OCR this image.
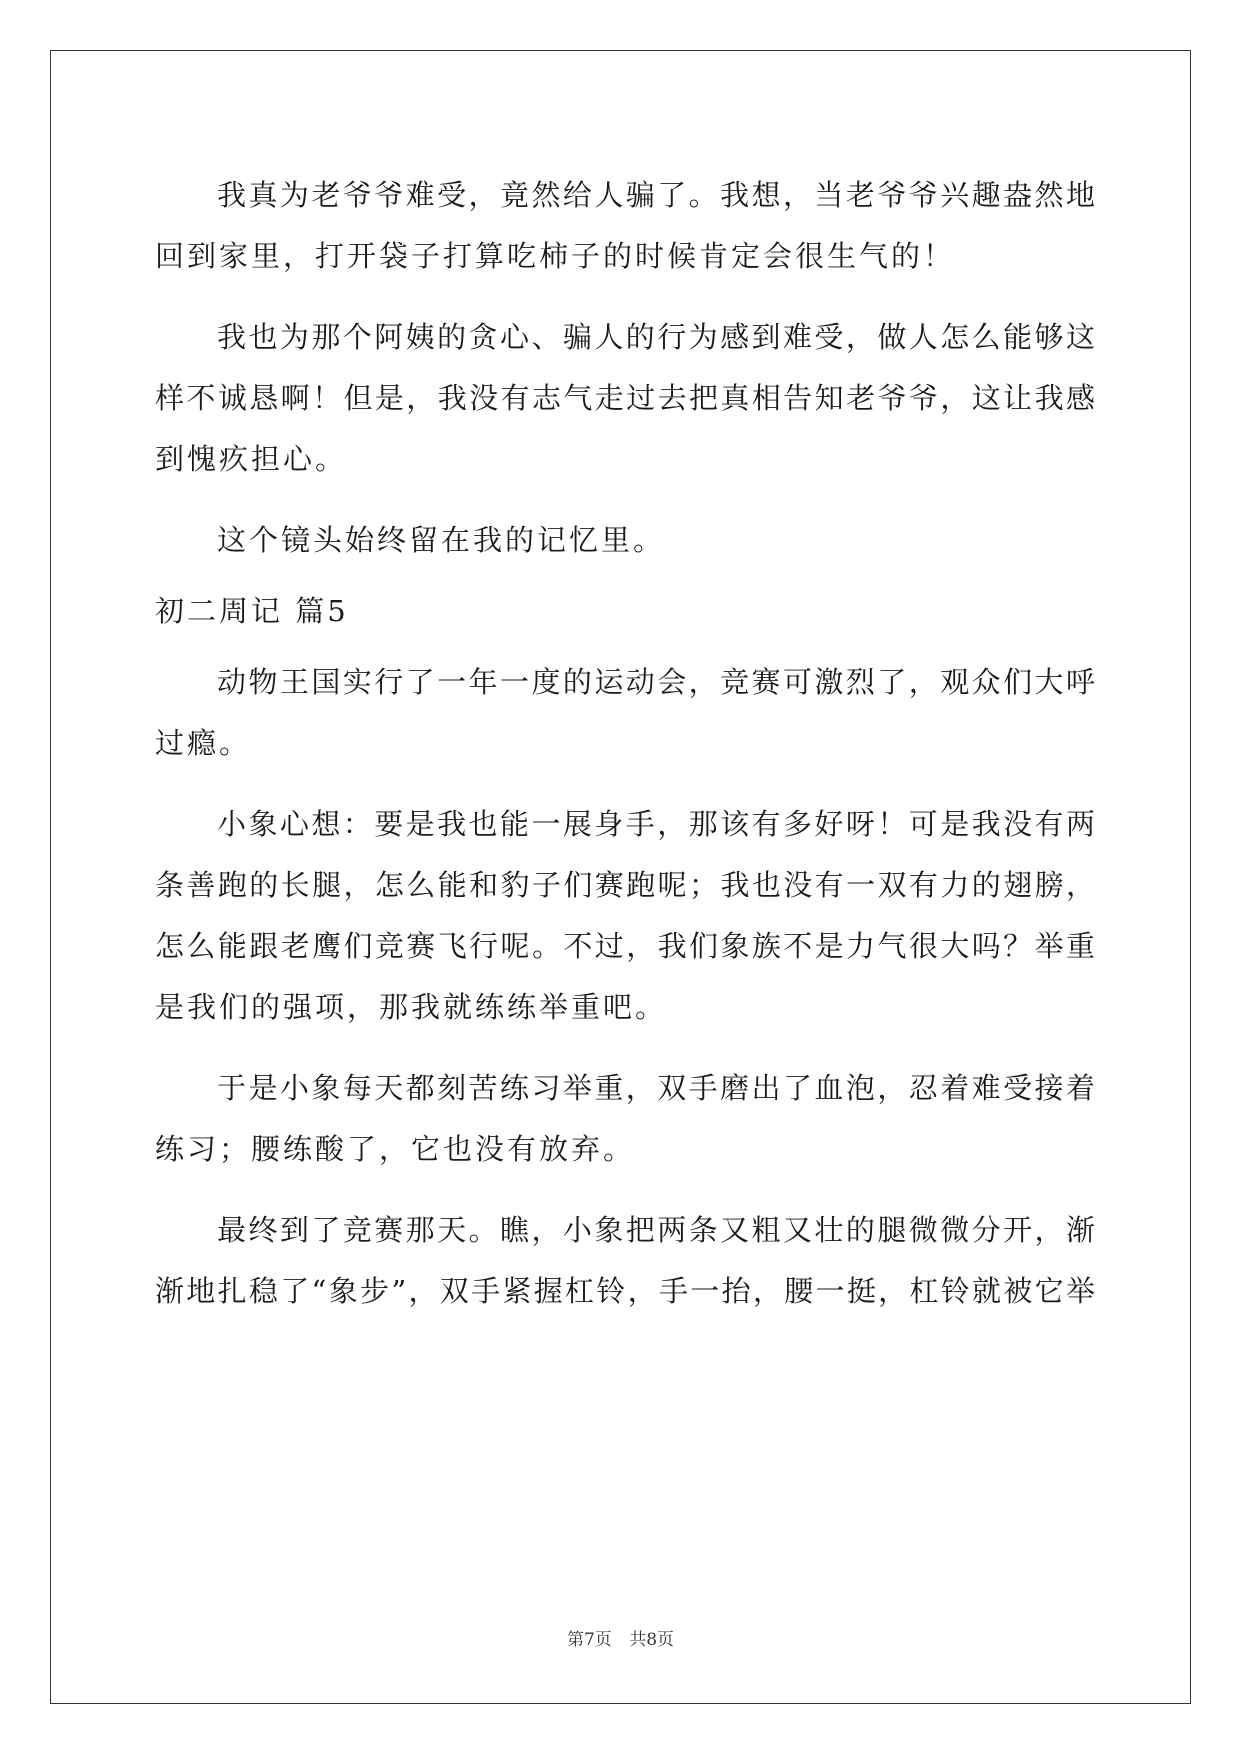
我真为老爷爷难受，竟然给人骗了。我想，当老爷爷兴趣盎然地

回到家里，打开袋子打算吃柿子的时候肯定会很生气的！

我也为那个阿姨的贪心、骗人的行为感到难受，做人怎么能够这

样不诚恳啊！但是，我没有志气走过去把真相告知老爷爷，这让我感

到愧疚担心。

这个镜头始终留在我的记忆里。

初二周记 篇5

动物王国实行了一年一度的运动会，竞赛可激烈了，观众们大呼

过瘾。

小象心想：要是我也能一展身手，那该有多好呀！可是我没有两

条善跑的长腿，怎么能和豹子们赛跑呢；我也没有一双有力的翅膀，

怎么能跟老鹰们竞赛飞行呢。不过，我们象族不是力气很大吗？举重

是我们的强项，那我就练练举重吧。

于是小象每天都刻苦练习举重，双手磨出了血泡，忍着难受接着

练习；腰练酸了，它也没有放弃。

最终到了竞赛那天。瞧，小象把两条又粗又壮的腿微微分开，渐

渐地扎稳了“象步”，双手紧握杠铃，手一抬，腰一挺，杠铃就被它举

第7页 共8页
